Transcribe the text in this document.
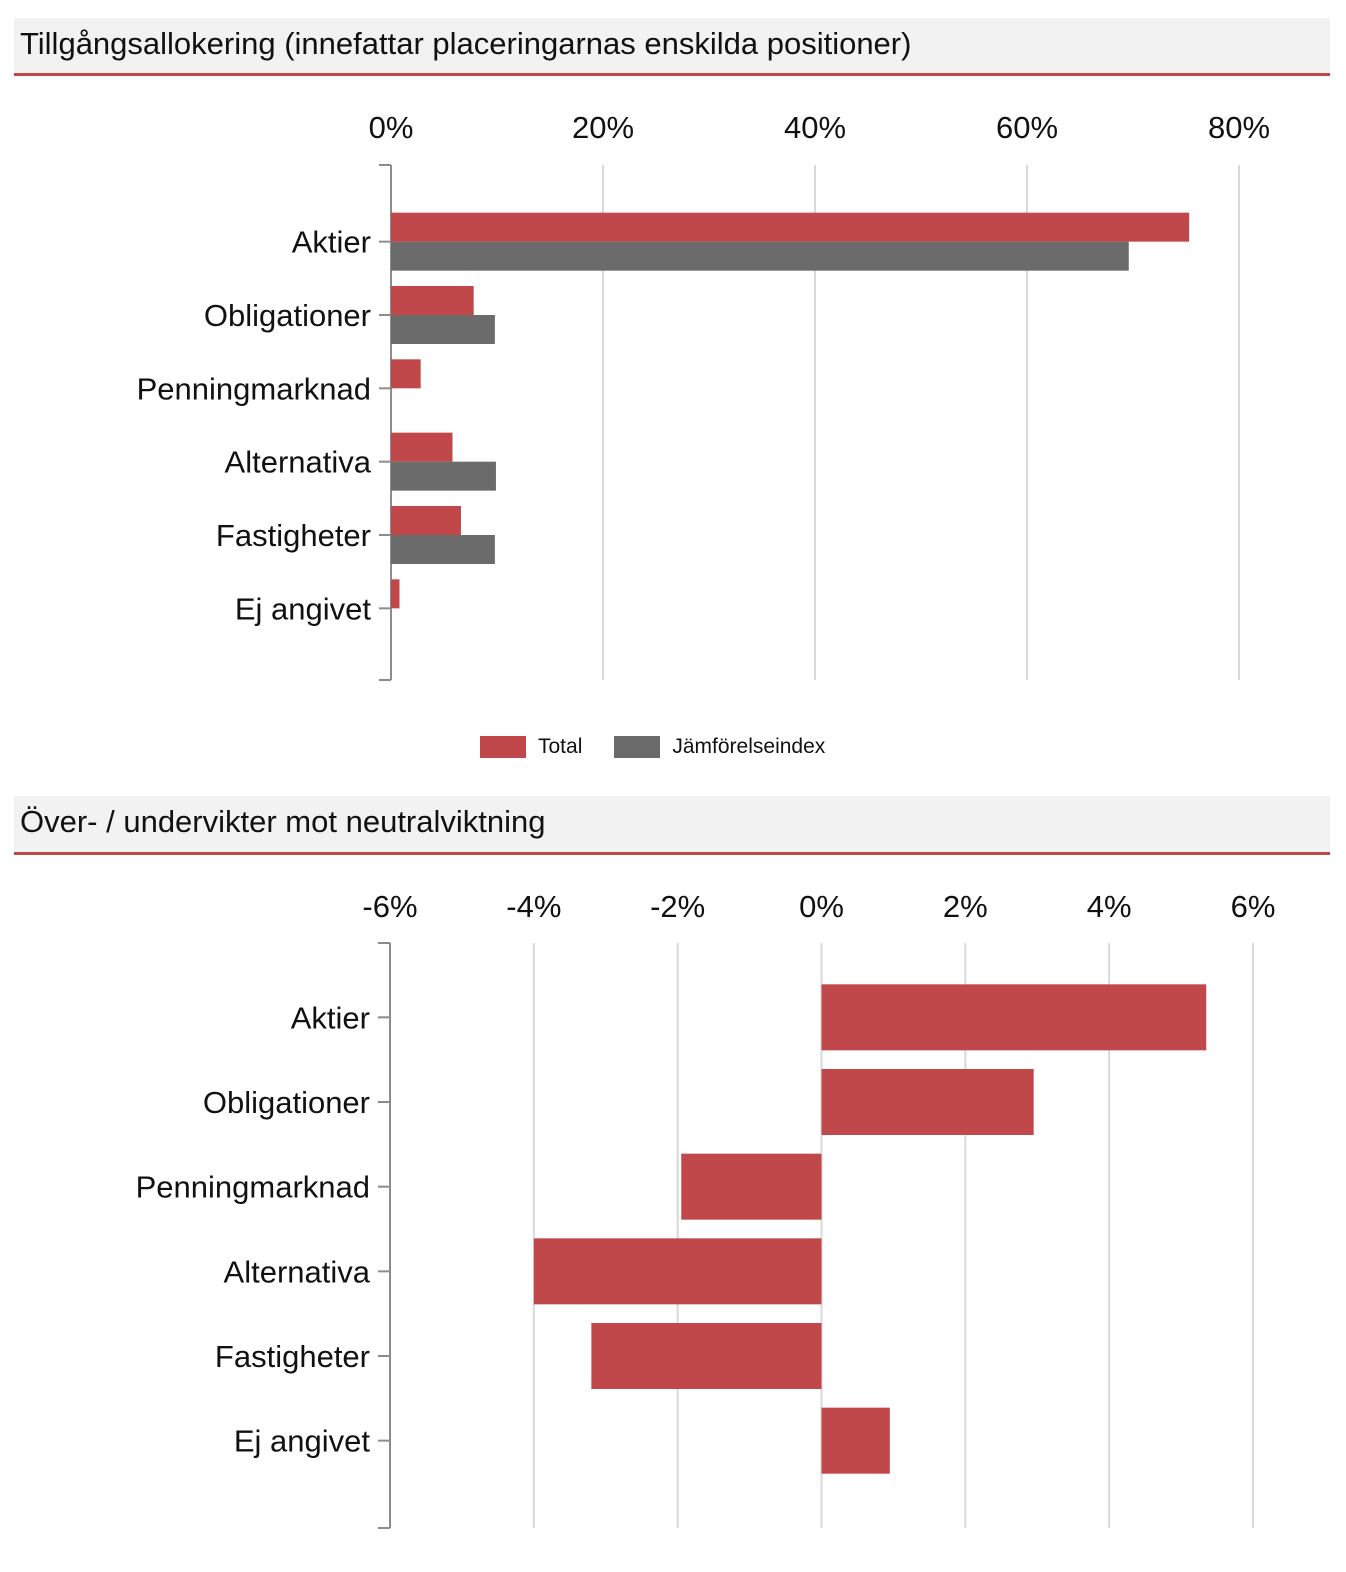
Tillgångsallokering (innefattar placeringarnas enskilda positioner)
0%	20%	40%	60%	80%
Aktier
Obligationer
Penningmarknad
Alternativa
Fastigheter
Ej angivet
Total	Jämförelseindex
Över- / undervikter mot neutralviktning
-6%	-4%	-2%	0%	2%	4%	6%
Aktier
Obligationer
Penningmarknad
Alternativa
Fastigheter
Ej angivet
